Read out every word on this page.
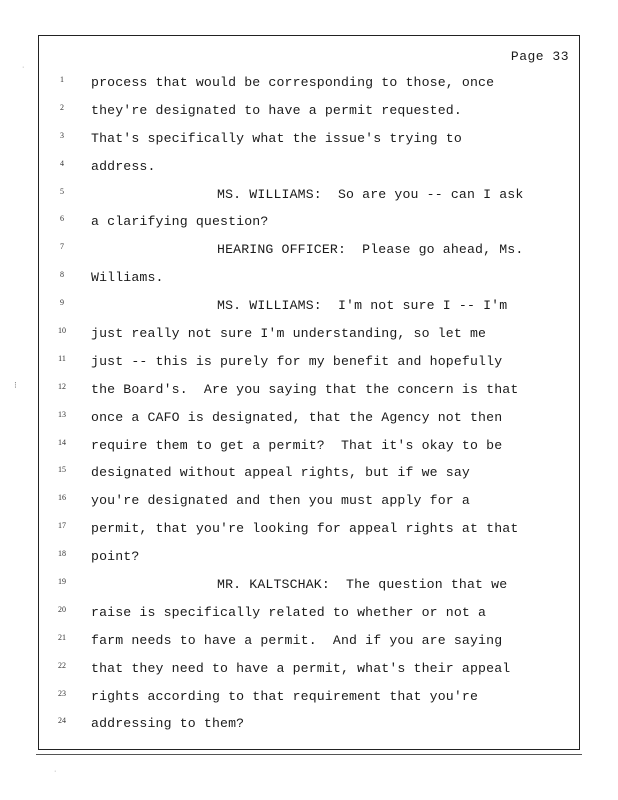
Page 33
1	process that would be corresponding to those, once
2	they're designated to have a permit requested.
3	That's specifically what the issue's trying to
4	address.
5	MS. WILLIAMS:  So are you -- can I ask
6	a clarifying question?
7	HEARING OFFICER:  Please go ahead, Ms.
8	Williams.
9	MS. WILLIAMS:  I'm not sure I -- I'm
10 just really not sure I'm understanding, so let me
11 just -- this is purely for my benefit and hopefully
12 the Board's.  Are you saying that the concern is that
13 once a CAFO is designated, that the Agency not then
14 require them to get a permit?  That it's okay to be
15 designated without appeal rights, but if we say
16 you're designated and then you must apply for a
17 permit, that you're looking for appeal rights at that
18 point?
19	MR. KALTSCHAK:  The question that we
20 raise is specifically related to whether or not a
21 farm needs to have a permit.  And if you are saying
22 that they need to have a permit, what's their appeal
23 rights according to that requirement that you're
24 addressing to them?
⁝
·
·
